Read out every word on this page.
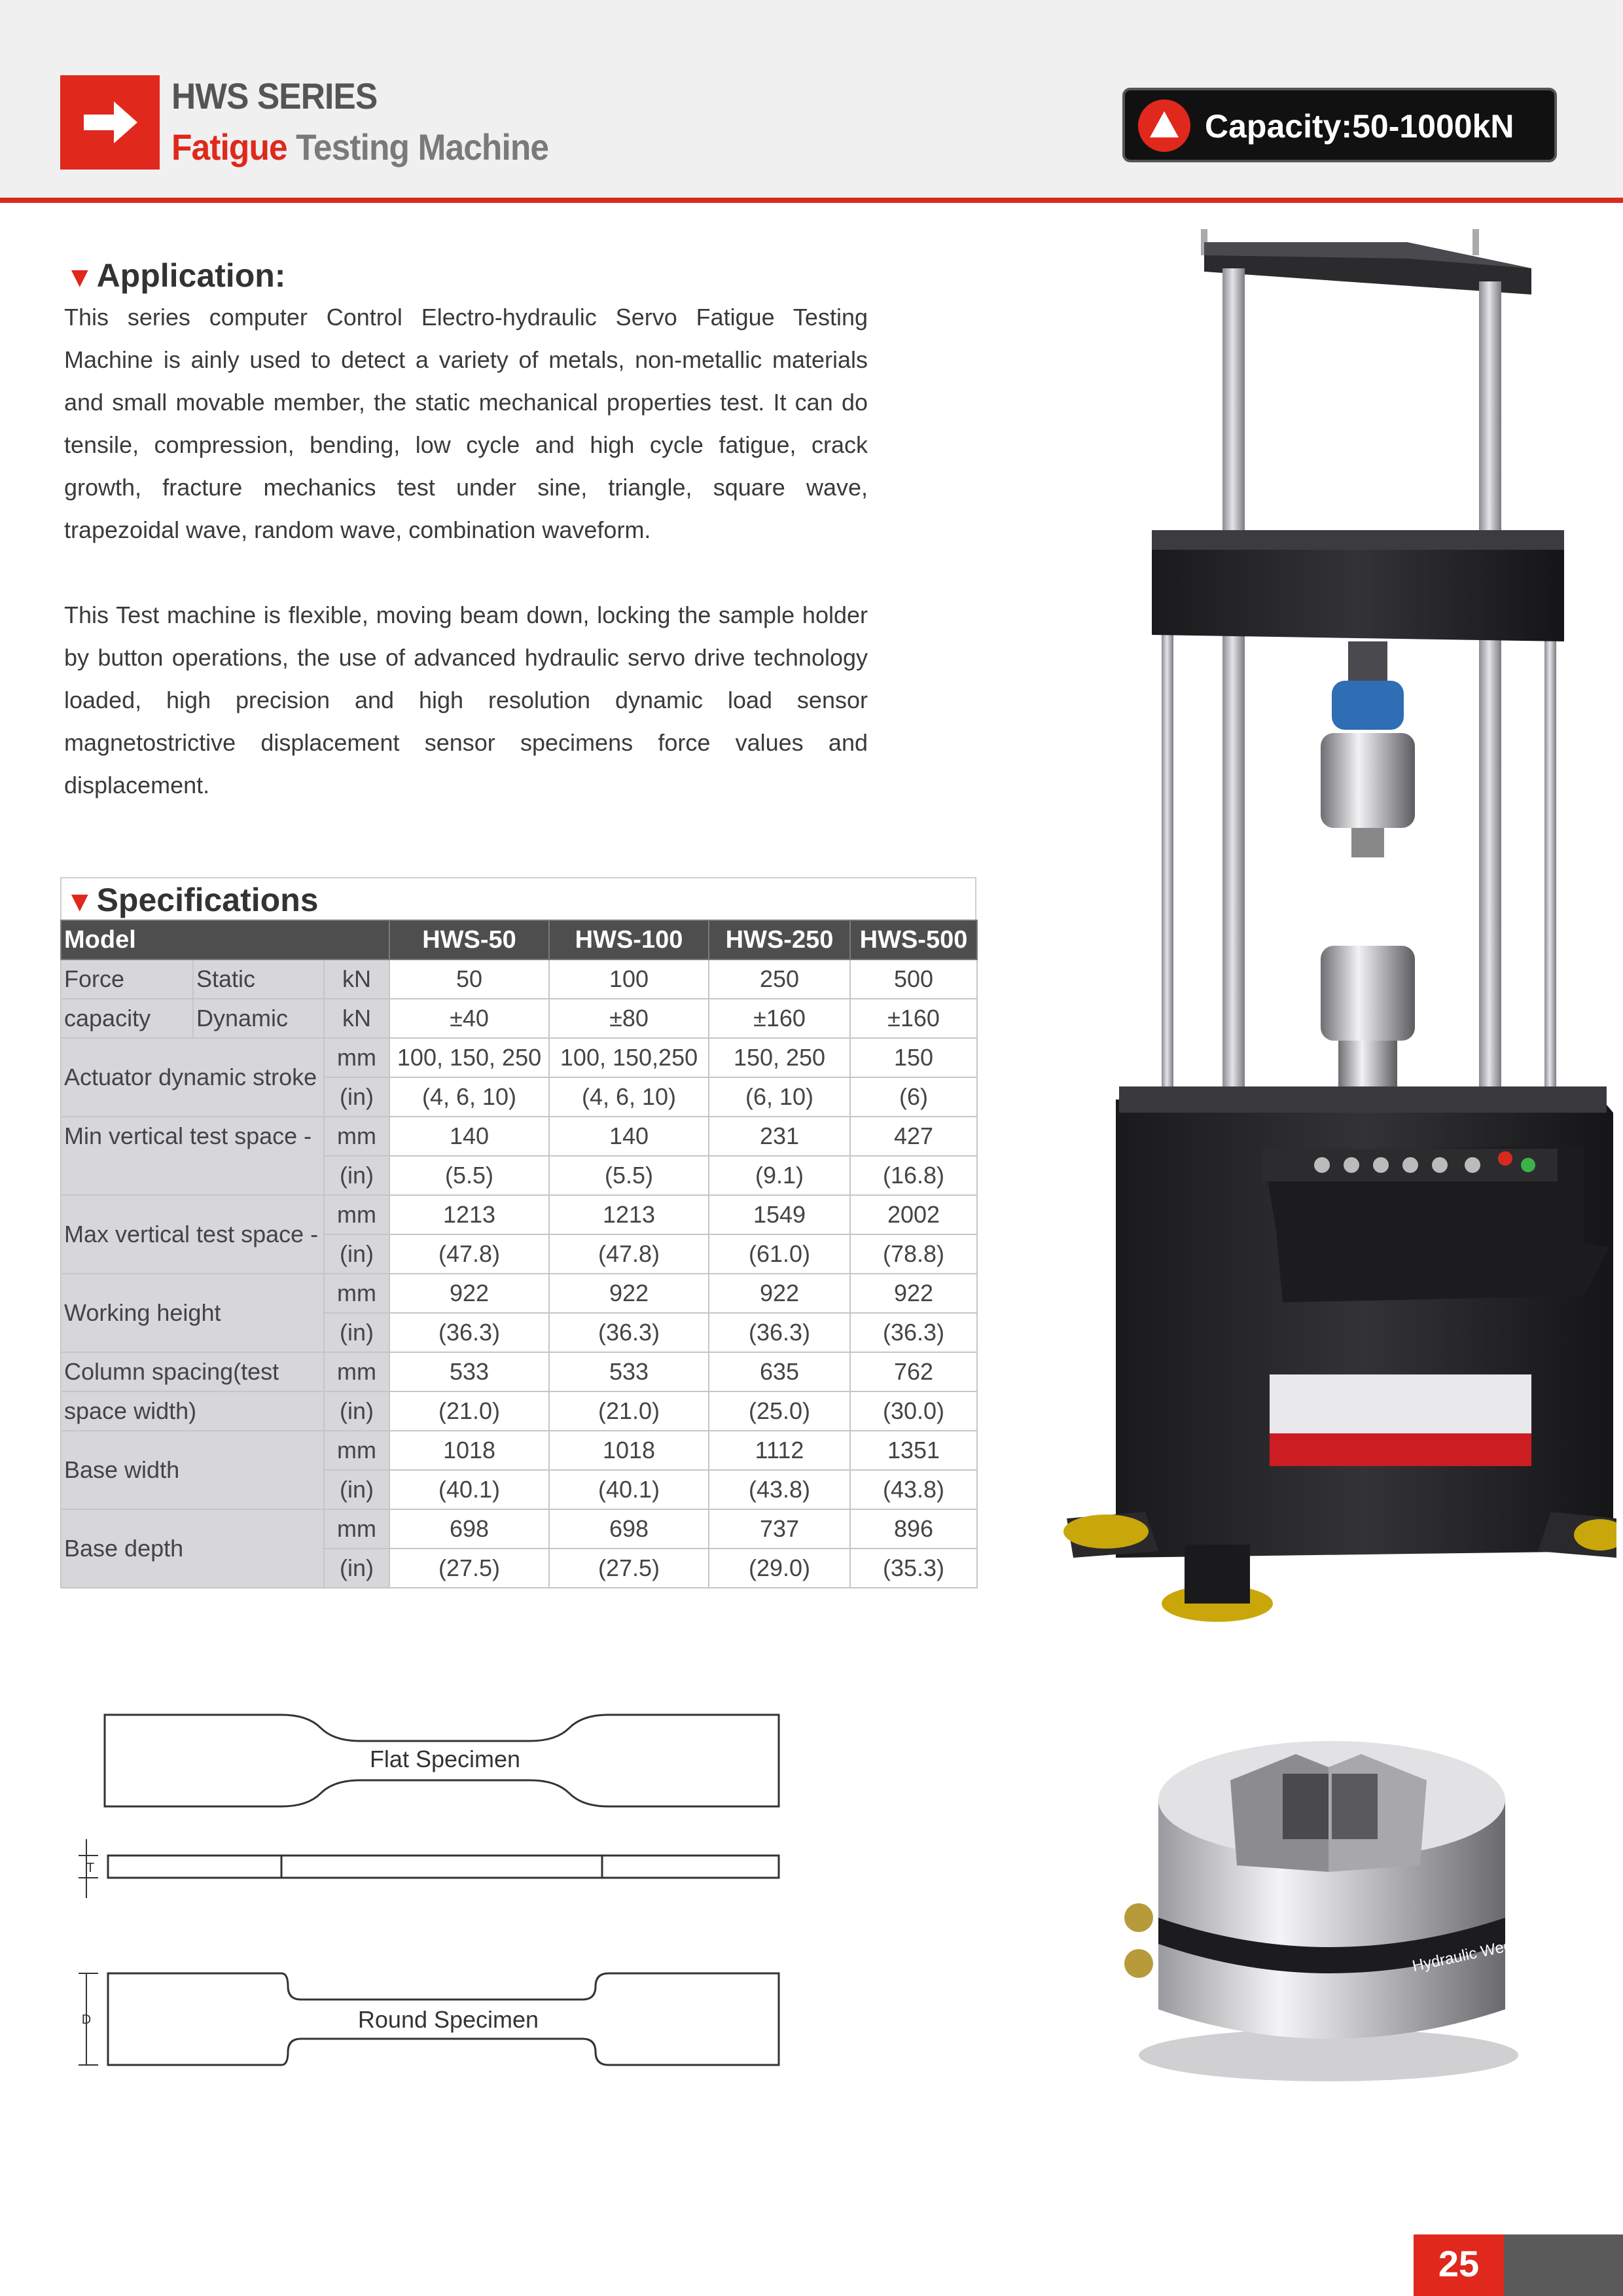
HWS SERIES
Fatigue Testing Machine	Capacity:50-1000kN
▼Application:
This series computer Control Electro-hydraulic Servo Fatigue Testing Machine is ainly used to detect a variety of metals, non-metallic materials and small movable member, the static mechanical properties test. It can do tensile, compression, bending, low cycle and high cycle fatigue, crack growth, fracture mechanics test under sine, triangle, square wave, trapezoidal wave, random wave, combination waveform.
This Test machine is flexible, moving beam down, locking the sample holder by button operations, the use of advanced hydraulic servo drive technology loaded, high precision and high resolution dynamic load sensor magnetostrictive displacement sensor specimens force values and displacement.
▼Specifications
Model			HWS-50	HWS-100	HWS-250	HWS-500
Force	Static	kN	50	100	250	500
capacity	Dynamic	kN	±40	±80	±160	±160
Actuator dynamic stroke		mm	100, 150, 250	100, 150,250	150, 250	150
		(in)	(4, 6, 10)	(4, 6, 10)	(6, 10)	(6)
Min vertical test space -		mm	140	140	231	427
		(in)	(5.5)	(5.5)	(9.1)	(16.8)
Max vertical test space -		mm	1213	1213	1549	2002
		(in)	(47.8)	(47.8)	(61.0)	(78.8)
Working height		mm	922	922	922	922
		(in)	(36.3)	(36.3)	(36.3)	(36.3)
Column spacing(test		mm	533	533	635	762
space width)		(in)	(21.0)	(21.0)	(25.0)	(30.0)
Base width		mm	1018	1018	1112	1351
		(in)	(40.1)	(40.1)	(43.8)	(43.8)
Base depth		mm	698	698	737	896
		(in)	(27.5)	(27.5)	(29.0)	(35.3)
Flat Specimen
T
Round Specimen
D
Hydraulic Wedge Grip
25
